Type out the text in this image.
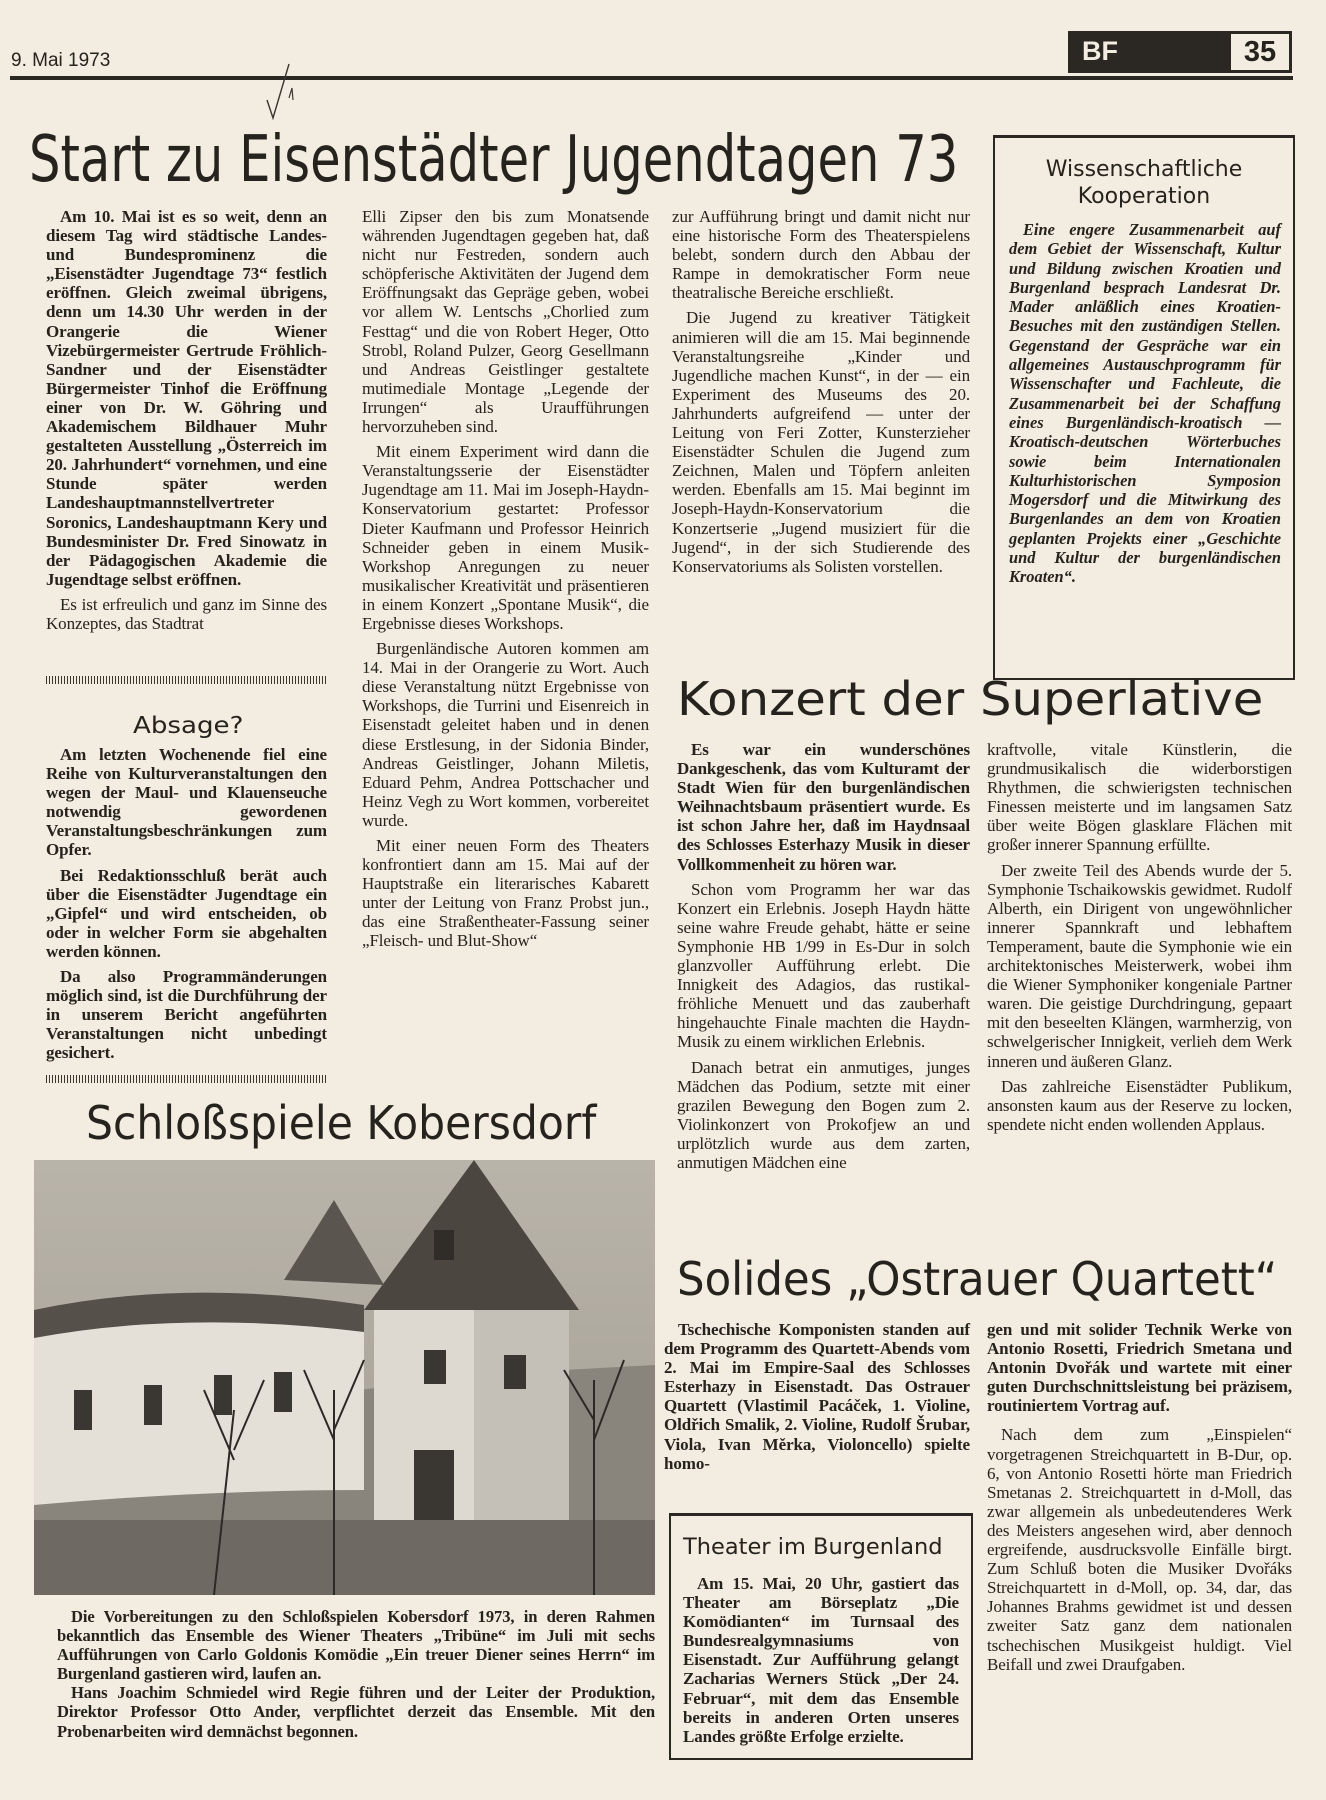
9. Mai 1973	BF	35
Start zu Eisenstädter Jugendtagen 73

Am 10. Mai ist es so weit, denn an diesem Tag wird städtische Landes- und Bundesprominenz die „Eisenstädter Jugendtage 73“ festlich eröffnen. Gleich zweimal übrigens, denn um 14.30 Uhr werden in der Orangerie die Wiener Vizebürgermeister Gertrude Fröhlich-Sandner und der Eisenstädter Bürgermeister Tinhof die Eröffnung einer von Dr. W. Göhring und Akademischem Bildhauer Muhr gestalteten Ausstellung „Österreich im 20. Jahrhundert“ vornehmen, und eine Stunde später werden Landeshauptmannstellvertreter Soronics, Landeshauptmann Kery und Bundesminister Dr. Fred Sinowatz in der Pädagogischen Akademie die Jugendtage selbst eröffnen.

Es ist erfreulich und ganz im Sinne des Konzeptes, das Stadtrat

Absage?

Am letzten Wochenende fiel eine Reihe von Kulturveranstaltungen den wegen der Maul- und Klauenseuche notwendig gewordenen Veranstaltungsbeschränkungen zum Opfer.

Bei Redaktionsschluß berät auch über die Eisenstädter Jugendtage ein „Gipfel“ und wird entscheiden, ob oder in welcher Form sie abgehalten werden können.

Da also Programmänderungen möglich sind, ist die Durchführung der in unserem Bericht angeführten Veranstaltungen nicht unbedingt gesichert.

Elli Zipser den bis zum Monatsende währenden Jugendtagen gegeben hat, daß nicht nur Festreden, sondern auch schöpferische Aktivitäten der Jugend dem Eröffnungsakt das Gepräge geben, wobei vor allem W. Lentschs „Chorlied zum Festtag“ und die von Robert Heger, Otto Strobl, Roland Pulzer, Georg Gesellmann und Andreas Geistlinger gestaltete mutimediale Montage „Legende der Irrungen“ als Uraufführungen hervorzuheben sind.

Mit einem Experiment wird dann die Veranstaltungsserie der Eisenstädter Jugendtage am 11. Mai im Joseph-Haydn-Konservatorium gestartet: Professor Dieter Kaufmann und Professor Heinrich Schneider geben in einem Musik-Workshop Anregungen zu neuer musikalischer Kreativität und präsentieren in einem Konzert „Spontane Musik“, die Ergebnisse dieses Workshops.

Burgenländische Autoren kommen am 14. Mai in der Orangerie zu Wort. Auch diese Veranstaltung nützt Ergebnisse von Workshops, die Turrini und Eisenreich in Eisenstadt geleitet haben und in denen diese Erstlesung, in der Sidonia Binder, Andreas Geistlinger, Johann Miletis, Eduard Pehm, Andrea Pottschacher und Heinz Vegh zu Wort kommen, vorbereitet wurde.

Mit einer neuen Form des Theaters konfrontiert dann am 15. Mai auf der Hauptstraße ein literarisches Kabarett unter der Leitung von Franz Probst jun., das eine Straßentheater-Fassung seiner „Fleisch- und Blut-Show“

zur Aufführung bringt und damit nicht nur eine historische Form des Theaterspielens belebt, sondern durch den Abbau der Rampe in demokratischer Form neue theatralische Bereiche erschließt.

Die Jugend zu kreativer Tätigkeit animieren will die am 15. Mai beginnende Veranstaltungsreihe „Kinder und Jugendliche machen Kunst“, in der — ein Experiment des Museums des 20. Jahrhunderts aufgreifend — unter der Leitung von Feri Zotter, Kunsterzieher Eisenstädter Schulen die Jugend zum Zeichnen, Malen und Töpfern anleiten werden. Ebenfalls am 15. Mai beginnt im Joseph-Haydn-Konservatorium die Konzertserie „Jugend musiziert für die Jugend“, in der sich Studierende des Konservatoriums als Solisten vorstellen.

Wissenschaftliche Kooperation

Eine engere Zusammenarbeit auf dem Gebiet der Wissenschaft, Kultur und Bildung zwischen Kroatien und Burgenland besprach Landesrat Dr. Mader anläßlich eines Kroatien-Besuches mit den zuständigen Stellen. Gegenstand der Gespräche war ein allgemeines Austauschprogramm für Wissenschafter und Fachleute, die Zusammenarbeit bei der Schaffung eines Burgenländisch-kroatisch — Kroatisch-deutschen Wörterbuches sowie beim Internationalen Kulturhistorischen Symposion Mogersdorf und die Mitwirkung des Burgenlandes an dem von Kroatien geplanten Projekts einer „Geschichte und Kultur der burgenländischen Kroaten“.

Konzert der Superlative

Es war ein wunderschönes Dankgeschenk, das vom Kulturamt der Stadt Wien für den burgenländischen Weihnachtsbaum präsentiert wurde. Es ist schon Jahre her, daß im Haydnsaal des Schlosses Esterhazy Musik in dieser Vollkommenheit zu hören war.

Schon vom Programm her war das Konzert ein Erlebnis. Joseph Haydn hätte seine wahre Freude gehabt, hätte er seine Symphonie HB 1/99 in Es-Dur in solch glanzvoller Aufführung erlebt. Die Innigkeit des Adagios, das rustikal-fröhliche Menuett und das zauberhaft hingehauchte Finale machten die Haydn-Musik zu einem wirklichen Erlebnis.

Danach betrat ein anmutiges, junges Mädchen das Podium, setzte mit einer grazilen Bewegung den Bogen zum 2. Violinkonzert von Prokofjew an und urplötzlich wurde aus dem zarten, anmutigen Mädchen eine

kraftvolle, vitale Künstlerin, die grundmusikalisch die widerborstigen Rhythmen, die schwierigsten technischen Finessen meisterte und im langsamen Satz über weite Bögen glasklare Flächen mit großer innerer Spannung erfüllte.

Der zweite Teil des Abends wurde der 5. Symphonie Tschaikowskis gewidmet. Rudolf Alberth, ein Dirigent von ungewöhnlicher innerer Spannkraft und lebhaftem Temperament, baute die Symphonie wie ein architektonisches Meisterwerk, wobei ihm die Wiener Symphoniker kongeniale Partner waren. Die geistige Durchdringung, gepaart mit den beseelten Klängen, warmherzig, von schwelgerischer Innigkeit, verlieh dem Werk inneren und äußeren Glanz.

Das zahlreiche Eisenstädter Publikum, ansonsten kaum aus der Reserve zu locken, spendete nicht enden wollenden Applaus.

Schloßspiele Kobersdorf

Die Vorbereitungen zu den Schloßspielen Kobersdorf 1973, in deren Rahmen bekanntlich das Ensemble des Wiener Theaters „Tribüne“ im Juli mit sechs Aufführungen von Carlo Goldonis Komödie „Ein treuer Diener seines Herrn“ im Burgenland gastieren wird, laufen an.

Hans Joachim Schmiedel wird Regie führen und der Leiter der Produktion, Direktor Professor Otto Ander, verpflichtet derzeit das Ensemble. Mit den Probenarbeiten wird demnächst begonnen.

Solides „Ostrauer Quartett“

Tschechische Komponisten standen auf dem Programm des Quartett-Abends vom 2. Mai im Empire-Saal des Schlosses Esterhazy in Eisenstadt. Das Ostrauer Quartett (Vlastimil Pacáček, 1. Violine, Oldřich Smalik, 2. Violine, Rudolf Šrubar, Viola, Ivan Měrka, Violoncello) spielte homo-

gen und mit solider Technik Werke von Antonio Rosetti, Friedrich Smetana und Antonin Dvořák und wartete mit einer guten Durchschnittsleistung bei präzisem, routiniertem Vortrag auf.

Nach dem zum „Einspielen“ vorgetragenen Streichquartett in B-Dur, op. 6, von Antonio Rosetti hörte man Friedrich Smetanas 2. Streichquartett in d-Moll, das zwar allgemein als unbedeutenderes Werk des Meisters angesehen wird, aber dennoch ergreifende, ausdrucksvolle Einfälle birgt. Zum Schluß boten die Musiker Dvořáks Streichquartett in d-Moll, op. 34, dar, das Johannes Brahms gewidmet ist und dessen zweiter Satz ganz dem nationalen tschechischen Musikgeist huldigt. Viel Beifall und zwei Draufgaben.

Theater im Burgenland

Am 15. Mai, 20 Uhr, gastiert das Theater am Börseplatz „Die Komödianten“ im Turnsaal des Bundesrealgymnasiums von Eisenstadt. Zur Aufführung gelangt Zacharias Werners Stück „Der 24. Februar“, mit dem das Ensemble bereits in anderen Orten unseres Landes größte Erfolge erzielte.
